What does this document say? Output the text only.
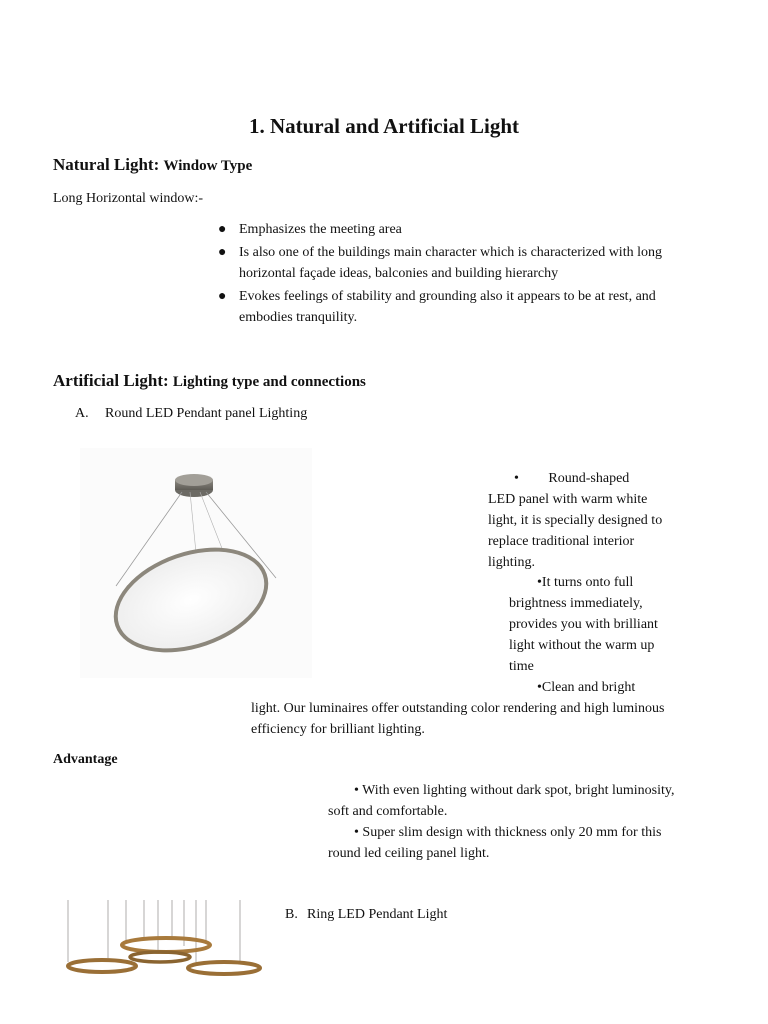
1. Natural and Artificial Light
Natural Light: Window Type
Long Horizontal window:-
● Emphasizes the meeting area
● Is also one of the buildings main character which is characterized with long horizontal façade ideas, balconies and building hierarchy
● Evokes feelings of stability and grounding also it appears to be at rest, and embodies tranquility.
Artificial Light: Lighting type and connections
A. Round LED Pendant panel Lighting
• Round-shaped
LED panel with warm white light, it is specially designed to replace traditional interior lighting.
•It turns onto full
brightness immediately, provides you with brilliant light without the warm up time
•Clean and bright
light. Our luminaires offer outstanding color rendering and high luminous efficiency for brilliant lighting.
Advantage
• With even lighting without dark spot, bright luminosity, soft and comfortable.
• Super slim design with thickness only 20 mm for this round led ceiling panel light.
B. Ring LED Pendant Light
